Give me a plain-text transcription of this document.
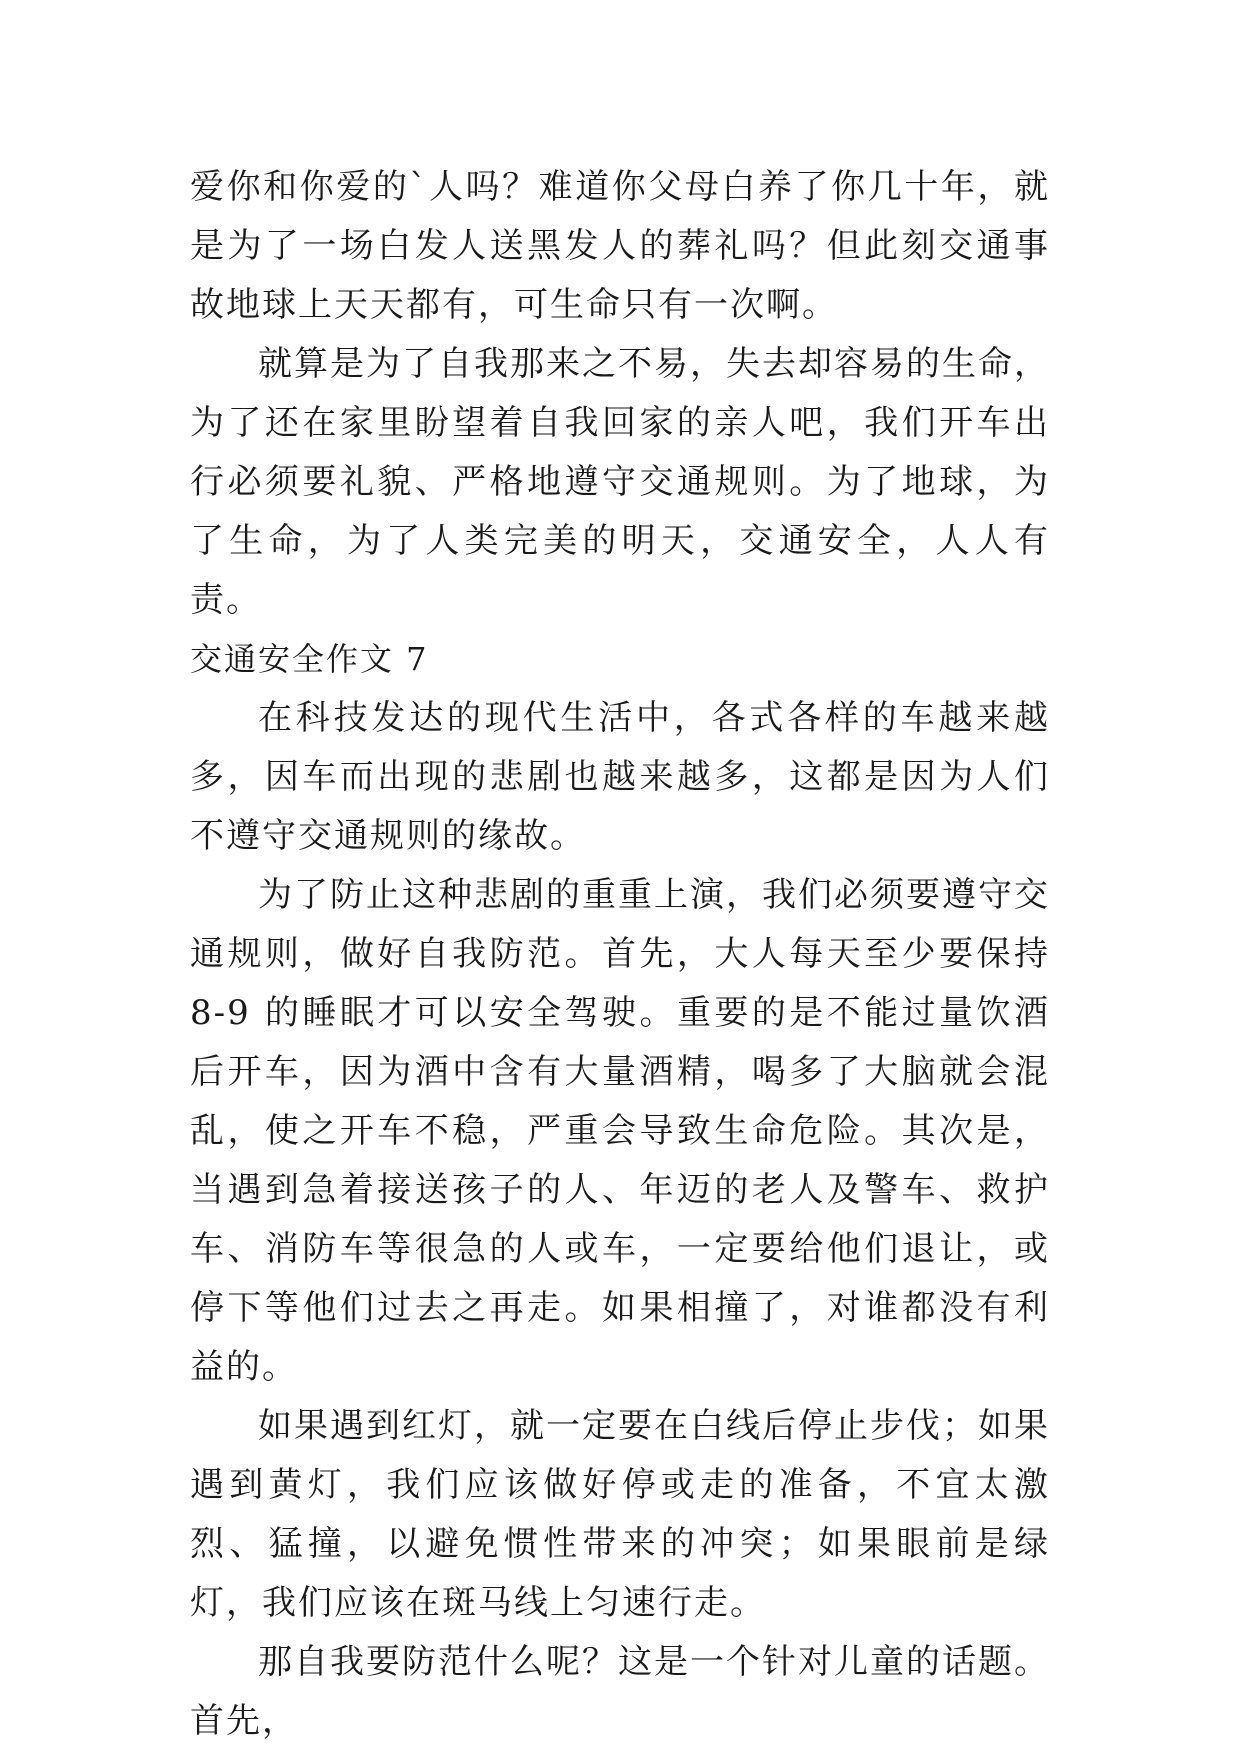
爱你和你爱的`人吗？难道你父母白养了你几十年，就是为了一场白发人送黑发人的葬礼吗？但此刻交通事故地球上天天都有，可生命只有一次啊。

就算是为了自我那来之不易，失去却容易的生命，为了还在家里盼望着自我回家的亲人吧，我们开车出行必须要礼貌、严格地遵守交通规则。为了地球，为了生命，为了人类完美的明天，交通安全，人人有责。

交通安全作文 7

在科技发达的现代生活中，各式各样的车越来越多，因车而出现的悲剧也越来越多，这都是因为人们不遵守交通规则的缘故。

为了防止这种悲剧的重重上演，我们必须要遵守交通规则，做好自我防范。首先，大人每天至少要保持 8-9 的睡眠才可以安全驾驶。重要的是不能过量饮酒后开车，因为酒中含有大量酒精，喝多了大脑就会混乱，使之开车不稳，严重会导致生命危险。其次是，当遇到急着接送孩子的人、年迈的老人及警车、救护车、消防车等很急的人或车，一定要给他们退让，或停下等他们过去之再走。如果相撞了，对谁都没有利益的。

如果遇到红灯，就一定要在白线后停止步伐；如果遇到黄灯，我们应该做好停或走的准备，不宜太激烈、猛撞，以避免惯性带来的冲突；如果眼前是绿灯，我们应该在斑马线上匀速行走。

那自我要防范什么呢？这是一个针对儿童的话题。首先，
